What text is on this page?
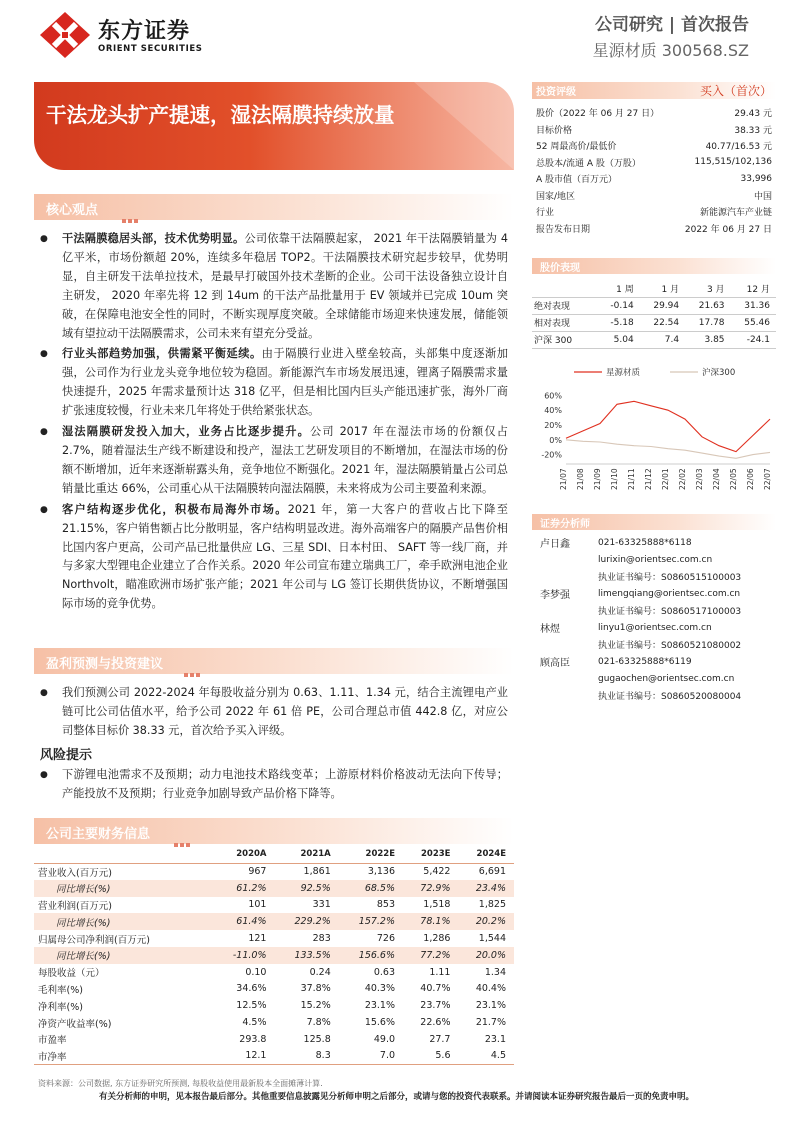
东方证券
ORIENT SECURITIES
公司研究 | 首次报告
星源材质 300568.SZ
干法龙头扩产提速，湿法隔膜持续放量
核心观点
● 干法隔膜稳居头部，技术优势明显。公司依靠干法隔膜起家， 2021 年干法隔膜销量为 4 亿平米，市场份额超 20%，连续多年稳居 TOP2。干法隔膜技术研究起步较早，优势明显，自主研发干法单拉技术，是最早打破国外技术垄断的企业。公司干法设备独立设计自主研发， 2020 年率先将 12 到 14um 的干法产品批量用于 EV 领域并已完成 10um 突破，在保障电池安全性的同时，不断实现厚度突破。全球储能市场迎来快速发展，储能领域有望拉动干法隔膜需求，公司未来有望充分受益。
● 行业头部趋势加强，供需紧平衡延续。由于隔膜行业进入壁垒较高，头部集中度逐渐加强，公司作为行业龙头竞争地位较为稳固。新能源汽车市场发展迅速，锂离子隔膜需求量快速提升，2025 年需求量预计达 318 亿平，但是相比国内巨头产能迅速扩张，海外厂商扩张速度较慢，行业未来几年将处于供给紧张状态。
● 湿法隔膜研发投入加大，业务占比逐步提升。公司 2017 年在湿法市场的份额仅占 2.7%，随着湿法生产线不断建设和投产，湿法工艺研发项目的不断增加，在湿法市场的份额不断增加，近年来逐渐崭露头角，竞争地位不断强化。2021 年，湿法隔膜销量占公司总销量比重达 66%，公司重心从干法隔膜转向湿法隔膜，未来将成为公司主要盈利来源。
● 客户结构逐步优化，积极布局海外市场。2021 年，第一大客户的营收占比下降至 21.15%，客户销售额占比分散明显，客户结构明显改进。海外高端客户的隔膜产品售价相比国内客户更高，公司产品已批量供应 LG、三星 SDI、日本村田、 SAFT 等一线厂商，并与多家大型锂电企业建立了合作关系。2020 年公司宣布建立瑞典工厂，牵手欧洲电池企业 Northvolt，瞄准欧洲市场扩张产能；2021 年公司与 LG 签订长期供货协议，不断增强国际市场的竞争优势。
盈利预测与投资建议
● 我们预测公司 2022-2024 年每股收益分别为 0.63、1.11、1.34 元，结合主流锂电产业链可比公司估值水平，给予公司 2022 年 61 倍 PE，公司合理总市值 442.8 亿，对应公司整体目标价 38.33 元，首次给予买入评级。
风险提示
● 下游锂电池需求不及预期；动力电池技术路线变革；上游原材料价格波动无法向下传导；产能投放不及预期；行业竞争加剧导致产品价格下降等。
公司主要财务信息
	2020A	2021A	2022E	2023E	2024E
营业收入(百万元)	967	1,861	3,136	5,422	6,691
同比增长(%)	61.2%	92.5%	68.5%	72.9%	23.4%
营业利润(百万元)	101	331	853	1,518	1,825
同比增长(%)	61.4%	229.2%	157.2%	78.1%	20.2%
归属母公司净利润(百万元)	121	283	726	1,286	1,544
同比增长(%)	-11.0%	133.5%	156.6%	77.2%	20.0%
每股收益（元）	0.10	0.24	0.63	1.11	1.34
毛利率(%)	34.6%	37.8%	40.3%	40.7%	40.4%
净利率(%)	12.5%	15.2%	23.1%	23.7%	23.1%
净资产收益率(%)	4.5%	7.8%	15.6%	22.6%	21.7%
市盈率	293.8	125.8	49.0	27.7	23.1
市净率	12.1	8.3	7.0	5.6	4.5
资料来源：公司数据, 东方证券研究所预测, 每股收益使用最新股本全面摊薄计算.
有关分析师的申明，见本报告最后部分。其他重要信息披露见分析师申明之后部分，或请与您的投资代表联系。并请阅读本证券研究报告最后一页的免责申明。
投资评级	买入（首次）
股价（2022 年 06 月 27 日）	29.43 元
目标价格	38.33 元
52 周最高价/最低价	40.77/16.53 元
总股本/流通 A 股（万股）	115,515/102,136
A 股市值（百万元）	33,996
国家/地区	中国
行业	新能源汽车产业链
报告发布日期	2022 年 06 月 27 日
股价表现
	1 周	1 月	3 月	12 月
绝对表现	-0.14	29.94	21.63	31.36
相对表现	-5.18	22.54	17.78	55.46
沪深 300	5.04	7.4	3.85	-24.1
星源材质	沪深300
60%
40%
20%
0%
-20%
21/07 21/08 21/09 21/10 21/11 21/12 22/01 22/02 22/03 22/04 22/05 22/06 22/07
证券分析师
卢日鑫	021-63325888*6118
lurixin@orientsec.com.cn
执业证书编号：S0860515100003
李梦强	limengqiang@orientsec.com.cn
执业证书编号：S0860517100003
林煜	linyu1@orientsec.com.cn
执业证书编号：S0860521080002
顾高臣	021-63325888*6119
gugaochen@orientsec.com.cn
执业证书编号：S0860520080004
